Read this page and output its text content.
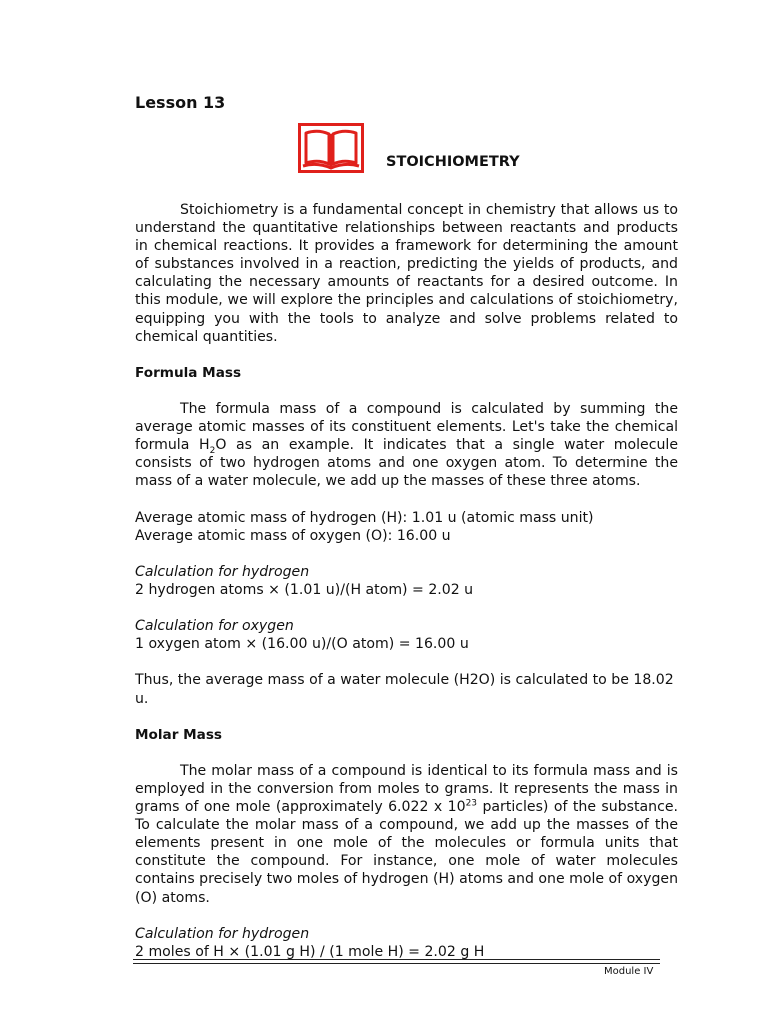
Lesson 13
STOICHIOMETRY

Stoichiometry is a fundamental concept in chemistry that allows us to understand the quantitative relationships between reactants and products in chemical reactions. It provides a framework for determining the amount of substances involved in a reaction, predicting the yields of products, and calculating the necessary amounts of reactants for a desired outcome. In this module, we will explore the principles and calculations of stoichiometry, equipping you with the tools to analyze and solve problems related to chemical quantities.

Formula Mass

The formula mass of a compound is calculated by summing the average atomic masses of its constituent elements. Let's take the chemical formula $H_2O$ as an example. It indicates that a single water molecule consists of two hydrogen atoms and one oxygen atom. To determine the mass of a water molecule, we add up the masses of these three atoms.

Average atomic mass of hydrogen (H): 1.01 u (atomic mass unit)

Average atomic mass of oxygen (O): 16.00 u

Calculation for hydrogen

2 hydrogen atoms × (1.01 u)/(H atom) = 2.02 u

Calculation for oxygen

1 oxygen atom × (16.00 u)/(O atom) = 16.00 u

Thus, the average mass of a water molecule (H2O) is calculated to be 18.02 u.

Molar Mass

The molar mass of a compound is identical to its formula mass and is employed in the conversion from moles to grams. It represents the mass in grams of one mole (approximately 6.022 x $10^{23}$ particles) of the substance. To calculate the molar mass of a compound, we add up the masses of the elements present in one mole of the molecules or formula units that constitute the compound. For instance, one mole of water molecules contains precisely two moles of hydrogen (H) atoms and one mole of oxygen (O) atoms.

Calculation for hydrogen

2 moles of H × (1.01 g H) / (1 mole H) = 2.02 g H

Module IV
